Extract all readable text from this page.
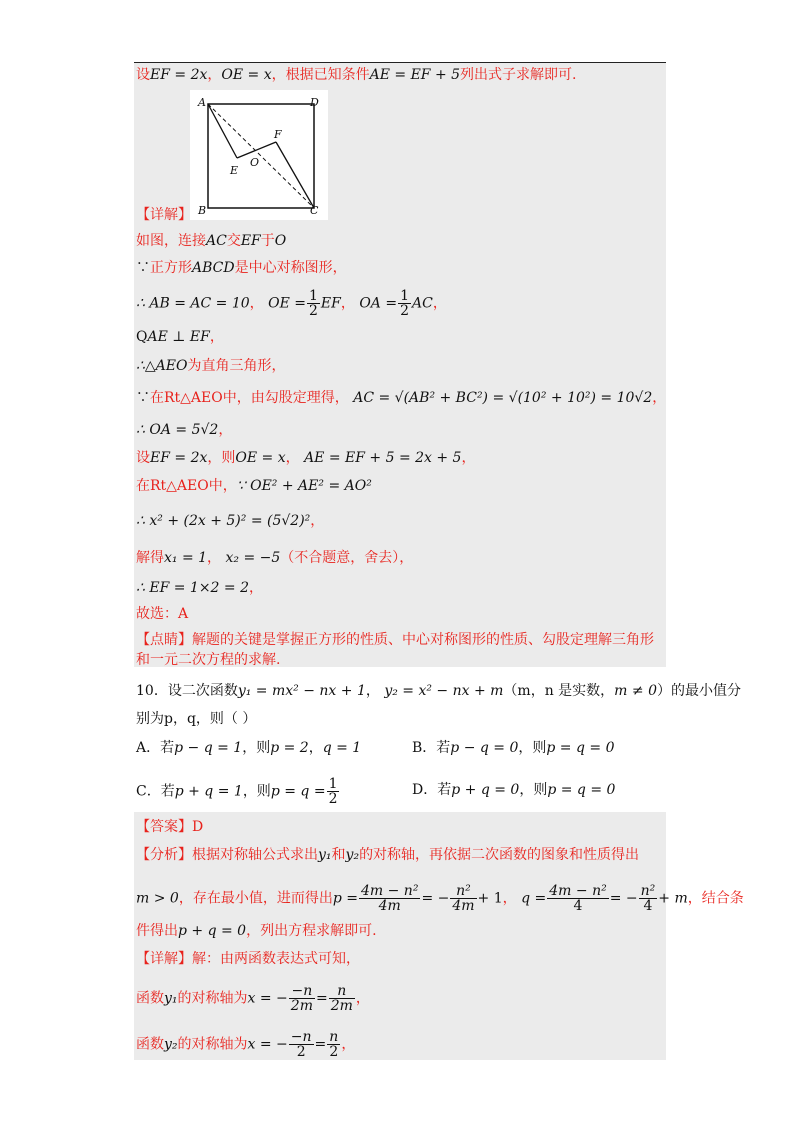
设EF = 2x，OE = x，根据已知条件AE = EF + 5列出式子求解即可.
A	D
B	C
E
F
O
【详解】
如图，连接AC交EF于O
∵正方形ABCD是中心对称图形，
∴ AB = AC = 10， OE = $\frac{1}{2}$ EF， OA = $\frac{1}{2}$ AC，
QAE ⊥ EF，
∴△AEO为直角三角形，
∵在Rt△AEO中，由勾股定理得， AC = √(AB² + BC²) = √(10² + 10²) = 10√2，
∴ OA = 5√2，
设EF = 2x，则OE = x， AE = EF + 5 = 2x + 5，
在Rt△AEO中，∵ OE² + AE² = AO²
∴ x² + (2x + 5)² = (5√2)²，
解得x₁ = 1， x₂ = −5（不合题意，舍去），
∴ EF = 1×2 = 2，
故选：A
【点睛】解题的关键是掌握正方形的性质、中心对称图形的性质、勾股定理解三角形
和一元二次方程的求解.
10．设二次函数y₁ = mx² − nx + 1， y₂ = x² − nx + m（m，n 是实数，m ≠ 0）的最小值分
别为p，q，则（ ）
A．若p − q = 1，则p = 2，q = 1	B．若p − q = 0，则p = q = 0
C．若p + q = 1，则$p = q = \frac{1}{2}$	D．若p + q = 0，则p = q = 0
【答案】D
【分析】根据对称轴公式求出y₁和y₂的对称轴，再依据二次函数的图象和性质得出
m > 0，存在最小值，进而得出$p = \frac{\text{4m − n²}}{4m}$ = − $\frac{\text{n²}}{4m} + 1$， $q = \frac{\text{4m − n²}}{4}$ = − $\frac{\text{n²}}{4} + m$，结合条
件得出p + q = 0，列出方程求解即可.
【详解】解：由两函数表达式可知，
函数y₁的对称轴为x = − $\frac{-n}{2m} = \frac{n}{2m}$ ，
函数y₂的对称轴为x = − $\frac{-n}{2} = \frac{n}{2}$ ，
